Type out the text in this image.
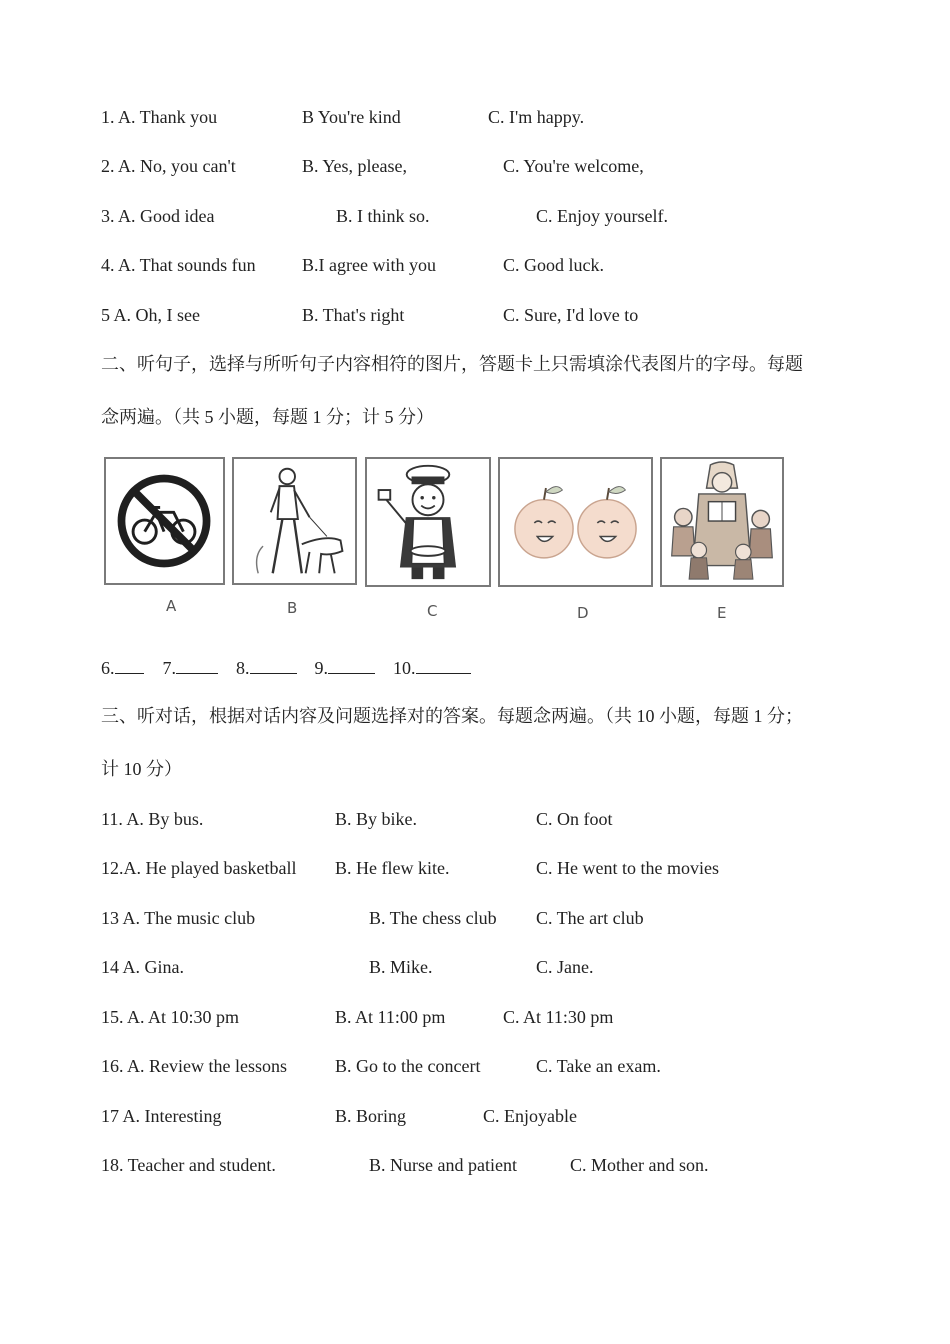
1. A. Thank you	B You're kind	C. I'm happy.
2. A. No, you can't	B. Yes, please,	C. You're welcome,
3. A. Good idea	B. I think so.	C. Enjoy yourself.
4. A. That sounds fun	B.I agree with you	C. Good luck.
5 A. Oh, I see	B. That's right	C. Sure, I'd love to
二、听句子，选择与所听句子内容相符的图片，答题卡上只需填涂代表图片的字母。每题
念两遍。（共 5 小题，每题 1 分；计 5 分）
A	B	C	D	E
6.	7.	8.	9.	10.
三、听对话，根据对话内容及问题选择对的答案。每题念两遍。（共 10 小题，每题 1 分；
计 10 分）
11. A. By bus.	B. By bike.	C. On foot
12.A. He played basketball B. He flew kite.	C. He went to the movies
13 A. The music club	B. The chess club C. The art club
14 A. Gina.	B. Mike.	C. Jane.
15. A. At 10:30 pm	B. At 11:00 pm	C. At 11:30 pm
16. A. Review the lessons	B. Go to the concert	C. Take an exam.
17 A. Interesting	B. Boring	C. Enjoyable
18. Teacher and student.	B. Nurse and patient	C. Mother and son.
